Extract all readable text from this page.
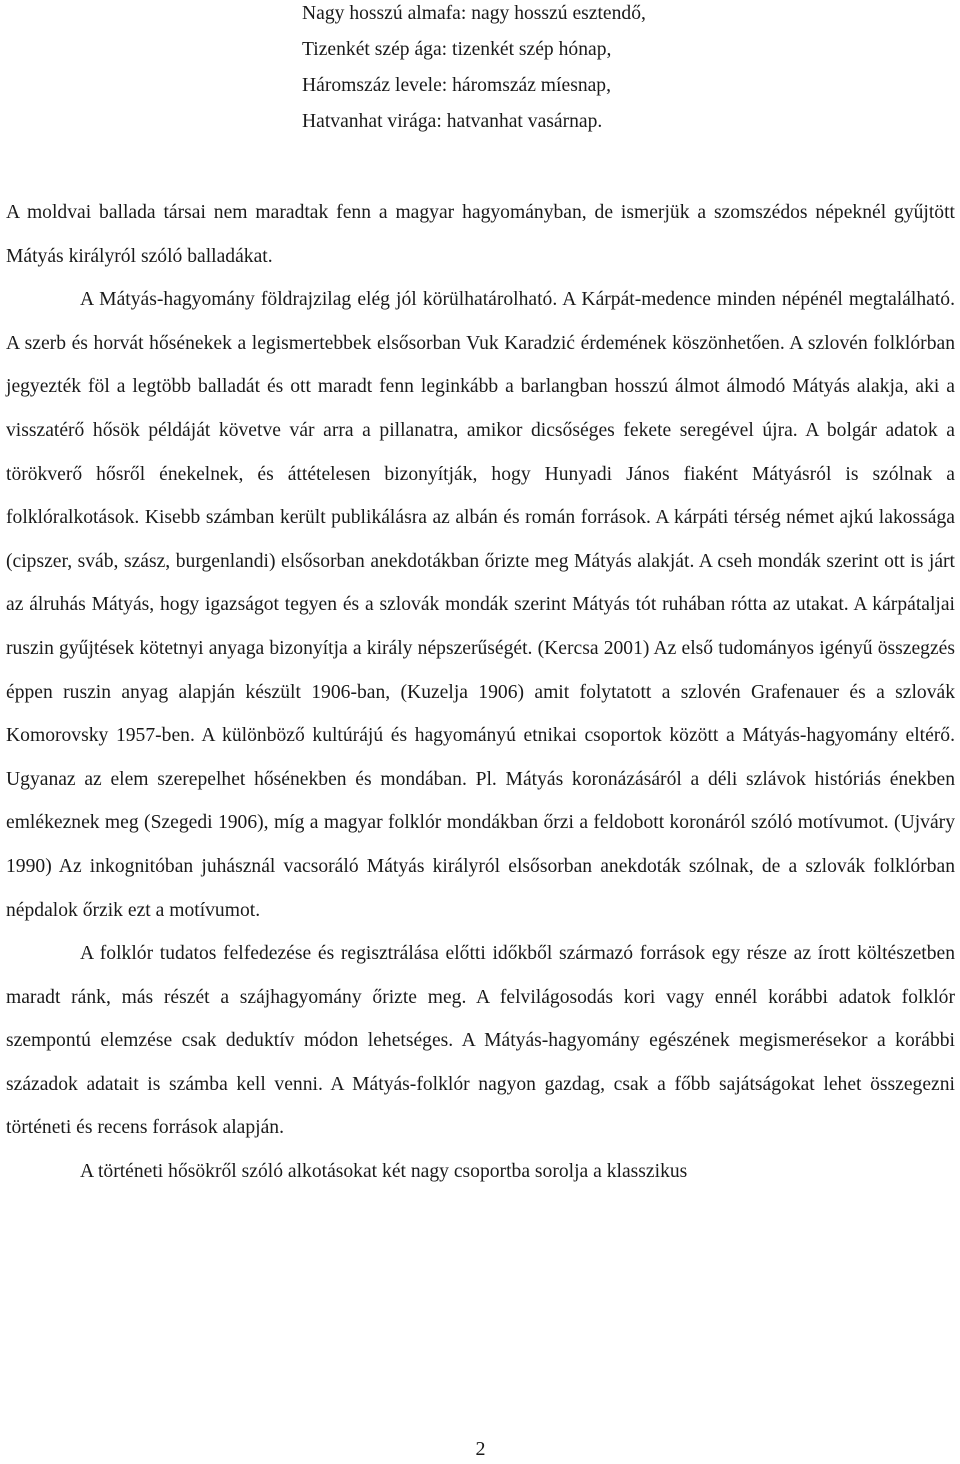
Nagy hosszú almafa: nagy hosszú esztendő,
Tizenkét szép ága: tizenkét szép hónap,
Háromszáz levele: háromszáz míesnap,
Hatvanhat virága: hatvanhat vasárnap.

A moldvai ballada társai nem maradtak fenn a magyar hagyományban, de ismerjük a szomszédos népeknél gyűjtött Mátyás királyról szóló balladákat.

A Mátyás-hagyomány földrajzilag elég jól körülhatárolható. A Kárpát-medence minden népénél megtalálható. A szerb és horvát hősénekek a legismertebbek elsősorban Vuk Karadzić érdemének köszönhetően. A szlovén folklórban jegyezték föl a legtöbb balladát és ott maradt fenn leginkább a barlangban hosszú álmot álmodó Mátyás alakja, aki a visszatérő hősök példáját követve vár arra a pillanatra, amikor dicsőséges fekete seregével újra. A bolgár adatok a törökverő hősről énekelnek, és áttételesen bizonyítják, hogy Hunyadi János fiaként Mátyásról is szólnak a folklóralkotások. Kisebb számban került publikálásra az albán és román források. A kárpáti térség német ajkú lakossága (cipszer, sváb, szász, burgenlandi) elsősorban anekdotákban őrizte meg Mátyás alakját. A cseh mondák szerint ott is járt az álruhás Mátyás, hogy igazságot tegyen és a szlovák mondák szerint Mátyás tót ruhában rótta az utakat. A kárpátaljai ruszin gyűjtések kötetnyi anyaga bizonyítja a király népszerűségét. (Kercsa 2001) Az első tudományos igényű összegzés éppen ruszin anyag alapján készült 1906-ban, (Kuzelja 1906) amit folytatott a szlovén Grafenauer és a szlovák Komorovsky 1957-ben. A különböző kultúrájú és hagyományú etnikai csoportok között a Mátyás-hagyomány eltérő. Ugyanaz az elem szerepelhet hősénekben és mondában. Pl. Mátyás koronázásáról a déli szlávok históriás énekben emlékeznek meg (Szegedi 1906), míg a magyar folklór mondákban őrzi a feldobott koronáról szóló motívumot. (Ujváry 1990) Az inkognitóban juhásznál vacsoráló Mátyás királyról elsősorban anekdoták szólnak, de a szlovák folklórban népdalok őrzik ezt a motívumot.

A folklór tudatos felfedezése és regisztrálása előtti időkből származó források egy része az írott költészetben maradt ránk, más részét a szájhagyomány őrizte meg. A felvilágosodás kori vagy ennél korábbi adatok folklór szempontú elemzése csak deduktív módon lehetséges. A Mátyás-hagyomány egészének megismerésekor a korábbi századok adatait is számba kell venni. A Mátyás-folklór nagyon gazdag, csak a főbb sajátságokat lehet összegezni történeti és recens források alapján.

A történeti hősökről szóló alkotásokat két nagy csoportba sorolja a klasszikus

2
